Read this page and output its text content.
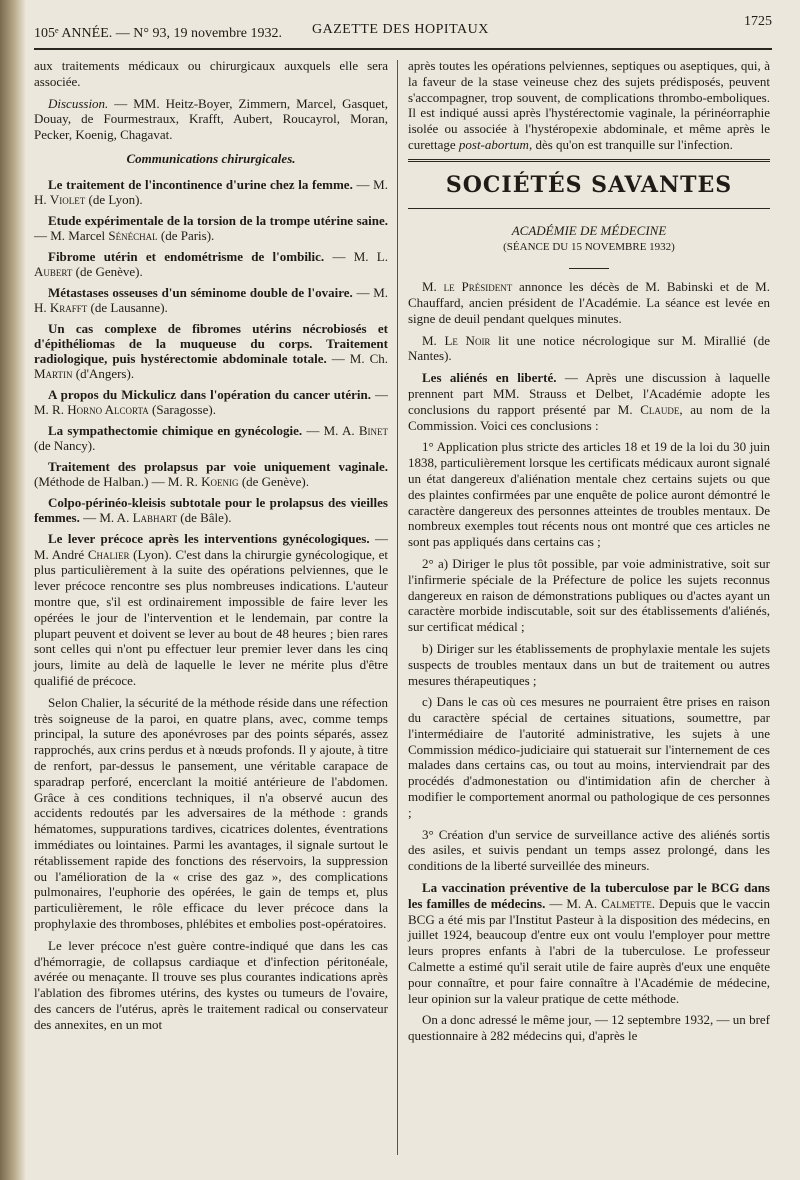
105ᵉ ANNÉE. — N° 93, 19 novembre 1932. GAZETTE DES HOPITAUX
1725

aux traitements médicaux ou chirurgicaux auxquels elle sera associée.

Discussion. — MM. Heitz-Boyer, Zimmern, Marcel, Gasquet, Douay, de Fourmestraux, Krafft, Aubert, Roucayrol, Moran, Pecker, Koenig, Chagavat.

Communications chirurgicales.

Le traitement de l'incontinence d'urine chez la femme. — M. H. Violet (de Lyon).

Etude expérimentale de la torsion de la trompe utérine saine. — M. Marcel Sénéchal (de Paris).

Fibrome utérin et endométrisme de l'ombilic. — M. L. Aubert (de Genève).

Métastases osseuses d'un séminome double de l'ovaire. — M. H. Krafft (de Lausanne).

Un cas complexe de fibromes utérins nécrobiosés et d'épithéliomas de la muqueuse du corps. Traitement radiologique, puis hystérectomie abdominale totale. — M. Ch. Martin (d'Angers).

A propos du Mickulicz dans l'opération du cancer utérin. — M. R. Horno Alcorta (Saragosse).

La sympathectomie chimique en gynécologie. — M. A. Binet (de Nancy).

Traitement des prolapsus par voie uniquement vaginale. (Méthode de Halban.) — M. R. Koenig (de Genève).

Colpo-périnéo-kleisis subtotale pour le prolapsus des vieilles femmes. — M. A. Labhart (de Bâle).

Le lever précoce après les interventions gynécologiques. — M. André Chalier (Lyon). C'est dans la chirurgie gynécologique, et plus particulièrement à la suite des opérations pelviennes, que le lever précoce rencontre ses plus nombreuses indications. L'auteur montre que, s'il est ordinairement impossible de faire lever les opérées le jour de l'intervention et le lendemain, par contre la plupart peuvent et doivent se lever au bout de 48 heures ; bien rares sont celles qui n'ont pu effectuer leur premier lever dans les cinq jours, limite au delà de laquelle le lever ne mérite plus d'être qualifié de précoce.

Selon Chalier, la sécurité de la méthode réside dans une réfection très soigneuse de la paroi, en quatre plans, avec, comme temps principal, la suture des aponévroses par des points séparés, assez rapprochés, aux crins perdus et à nœuds profonds. Il y ajoute, à titre de renfort, par-dessus le pansement, une véritable carapace de sparadrap perforé, encerclant la moitié antérieure de l'abdomen. Grâce à ces conditions techniques, il n'a observé aucun des accidents redoutés par les adversaires de la méthode : grands hématomes, suppurations tardives, cicatrices dolentes, éventrations immédiates ou lointaines. Parmi les avantages, il signale surtout le rétablissement rapide des fonctions des réservoirs, la suppression ou l'amélioration de la « crise des gaz », des complications pulmonaires, l'euphorie des opérées, le gain de temps et, plus particulièrement, le rôle efficace du lever précoce dans la prophylaxie des thromboses, phlébites et embolies post-opératoires.

Le lever précoce n'est guère contre-indiqué que dans les cas d'hémorragie, de collapsus cardiaque et d'infection péritonéale, avérée ou menaçante. Il trouve ses plus courantes indications après l'ablation des fibromes utérins, des kystes ou tumeurs de l'ovaire, des cancers de l'utérus, après le traitement radical ou conservateur des annexites, en un mot

après toutes les opérations pelviennes, septiques ou aseptiques, qui, à la faveur de la stase veineuse chez des sujets prédisposés, peuvent s'accompagner, trop souvent, de complications thrombo-emboliques. Il est indiqué aussi après l'hystérectomie vaginale, la périnéorraphie isolée ou associée à l'hystéropexie abdominale, et même après le curettage post-abortum, dès qu'on est tranquille sur l'infection.

SOCIÉTÉS SAVANTES
ACADÉMIE DE MÉDECINE
(SÉANCE DU 15 NOVEMBRE 1932)

M. le Président annonce les décès de M. Babinski et de M. Chauffard, ancien président de l'Académie. La séance est levée en signe de deuil pendant quelques minutes.

M. Le Noir lit une notice nécrologique sur M. Mirallié (de Nantes).

Les aliénés en liberté. — Après une discussion à laquelle prennent part MM. Strauss et Delbet, l'Académie adopte les conclusions du rapport présenté par M. Claude, au nom de la Commission. Voici ces conclusions :

1° Application plus stricte des articles 18 et 19 de la loi du 30 juin 1838, particulièrement lorsque les certificats médicaux auront signalé un état dangereux d'aliénation mentale chez certains sujets ou que des plaintes confirmées par une enquête de police auront démontré le caractère dangereux des personnes atteintes de troubles mentaux. De nombreux exemples tout récents nous ont montré que ces articles ne sont pas appliqués dans certains cas ;

2° a) Diriger le plus tôt possible, par voie administrative, soit sur l'infirmerie spéciale de la Préfecture de police les sujets reconnus dangereux en raison de démonstrations publiques ou d'actes ayant un caractère morbide indiscutable, soit sur des établissements d'aliénés, sur certificat médical ;

b) Diriger sur les établissements de prophylaxie mentale les sujets suspects de troubles mentaux dans un but de traitement ou autres mesures thérapeutiques ;

c) Dans le cas où ces mesures ne pourraient être prises en raison du caractère spécial de certaines situations, soumettre, par l'intermédiaire de l'autorité administrative, les sujets à une Commission médico-judiciaire qui statuerait sur l'internement de ces malades dans certains cas, ou tout au moins, interviendrait par des procédés d'admonestation ou d'intimidation afin de chercher à modifier le comportement anormal ou pathologique de ces personnes ;

3° Création d'un service de surveillance active des aliénés sortis des asiles, et suivis pendant un temps assez prolongé, dans les conditions de la liberté surveillée des mineurs.

La vaccination préventive de la tuberculose par le BCG dans les familles de médecins. — M. A. Calmette. Depuis que le vaccin BCG a été mis par l'Institut Pasteur à la disposition des médecins, en juillet 1924, beaucoup d'entre eux ont voulu l'employer pour mettre leurs propres enfants à l'abri de la tuberculose. Le professeur Calmette a estimé qu'il serait utile de faire auprès d'eux une enquête pour connaître, et pour faire connaître à l'Académie de médecine, leur opinion sur la valeur pratique de cette méthode.

On a donc adressé le même jour, — 12 septembre 1932, — un bref questionnaire à 282 médecins qui, d'après le
